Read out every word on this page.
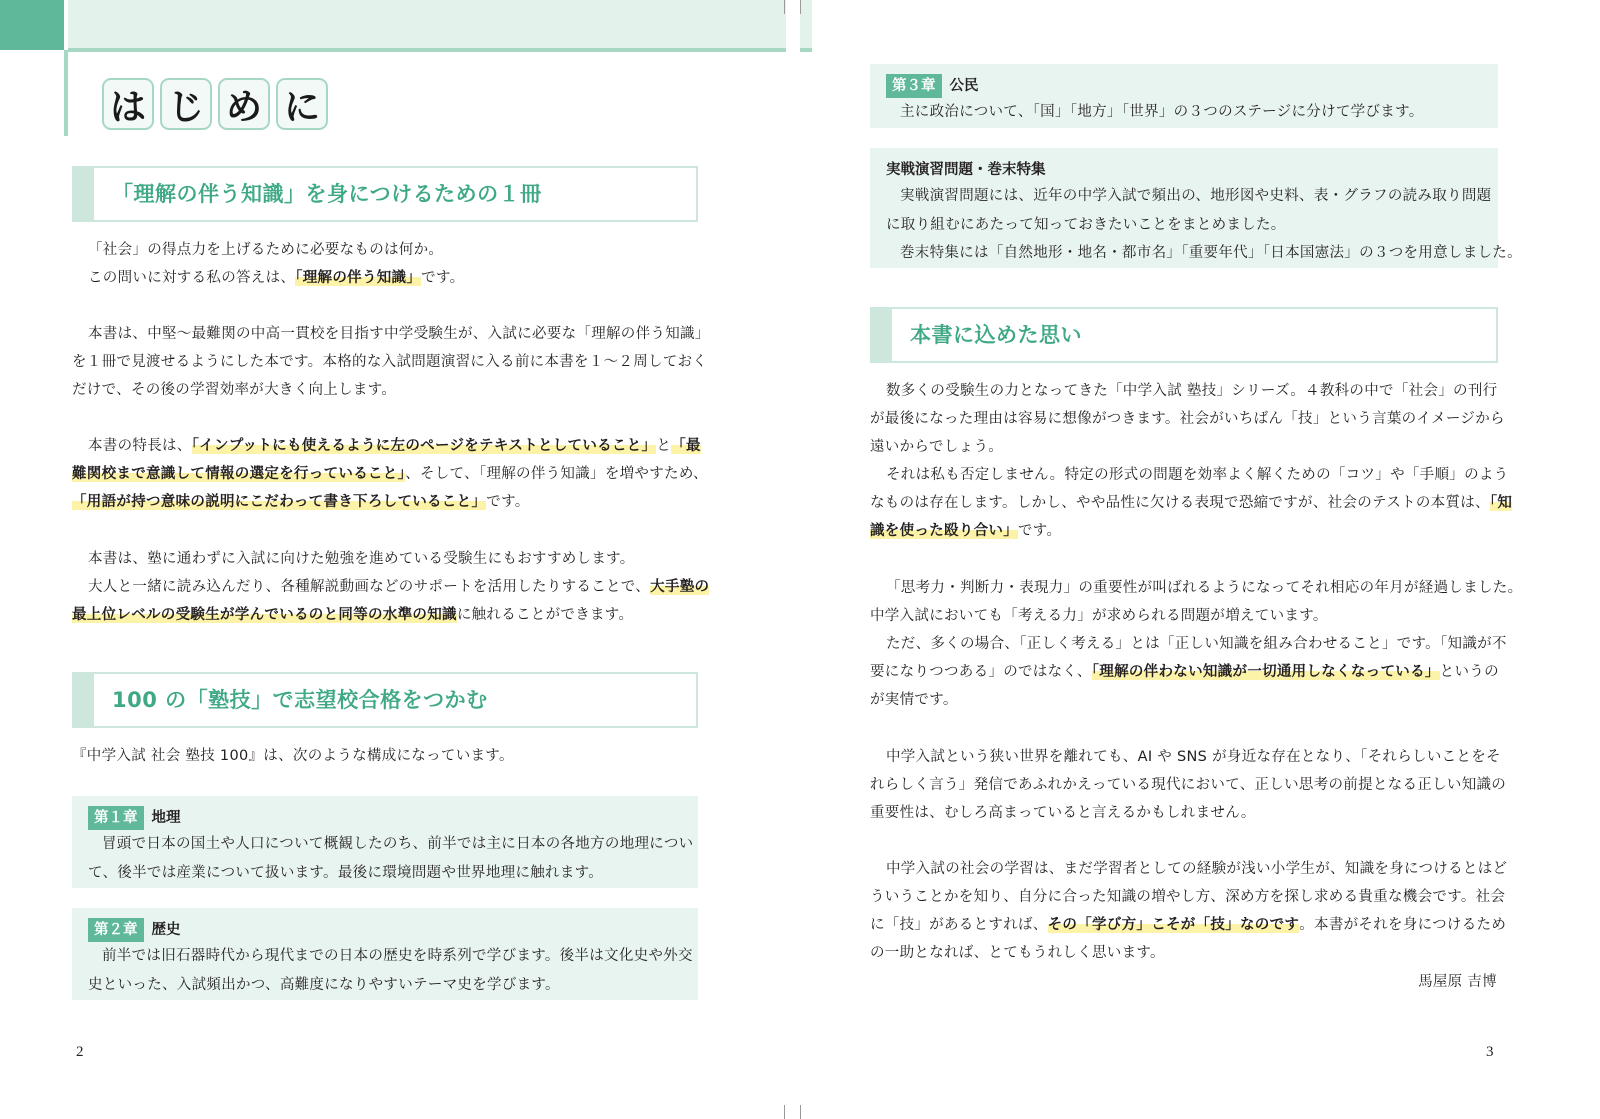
は じ め に
「理解の伴う知識」を身につけるための１冊
「社会」の得点力を上げるために必要なものは何か。
この問いに対する私の答えは、「理解の伴う知識」です。
本書は、中堅～最難関の中高一貫校を目指す中学受験生が、入試に必要な「理解の伴う知識」
を１冊で見渡せるようにした本です。本格的な入試問題演習に入る前に本書を１～２周しておく
だけで、その後の学習効率が大きく向上します。
本書の特長は、「インプットにも使えるように左のページをテキストとしていること」と「最
難関校まで意識して情報の選定を行っていること」、そして、「理解の伴う知識」を増やすため、
「用語が持つ意味の説明にこだわって書き下ろしていること」です。
本書は、塾に通わずに入試に向けた勉強を進めている受験生にもおすすめします。
大人と一緒に読み込んだり、各種解説動画などのサポートを活用したりすることで、大手塾の
最上位レベルの受験生が学んでいるのと同等の水準の知識に触れることができます。
100 の「塾技」で志望校合格をつかむ
『中学入試 社会 塾技 100』は、次のような構成になっています。
第１章 地理
冒頭で日本の国土や人口について概観したのち、前半では主に日本の各地方の地理につい
て、後半では産業について扱います。最後に環境問題や世界地理に触れます。
第２章 歴史
前半では旧石器時代から現代までの日本の歴史を時系列で学びます。後半は文化史や外交
史といった、入試頻出かつ、高難度になりやすいテーマ史を学びます。
2
第３章 公民
主に政治について、「国」「地方」「世界」の３つのステージに分けて学びます。
実戦演習問題・巻末特集
実戦演習問題には、近年の中学入試で頻出の、地形図や史料、表・グラフの読み取り問題
に取り組むにあたって知っておきたいことをまとめました。
巻末特集には「自然地形・地名・都市名」「重要年代」「日本国憲法」の３つを用意しました。
本書に込めた思い
数多くの受験生の力となってきた「中学入試 塾技」シリーズ。４教科の中で「社会」の刊行
が最後になった理由は容易に想像がつきます。社会がいちばん「技」という言葉のイメージから
遠いからでしょう。
それは私も否定しません。特定の形式の問題を効率よく解くための「コツ」や「手順」のよう
なものは存在します。しかし、やや品性に欠ける表現で恐縮ですが、社会のテストの本質は、「知
識を使った殴り合い」です。
「思考力・判断力・表現力」の重要性が叫ばれるようになってそれ相応の年月が経過しました。
中学入試においても「考える力」が求められる問題が増えています。
ただ、多くの場合、「正しく考える」とは「正しい知識を組み合わせること」です。「知識が不
要になりつつある」のではなく、「理解の伴わない知識が一切通用しなくなっている」というの
が実情です。
中学入試という狭い世界を離れても、AI や SNS が身近な存在となり、「それらしいことをそ
れらしく言う」発信であふれかえっている現代において、正しい思考の前提となる正しい知識の
重要性は、むしろ高まっていると言えるかもしれません。
中学入試の社会の学習は、まだ学習者としての経験が浅い小学生が、知識を身につけるとはど
ういうことかを知り、自分に合った知識の増やし方、深め方を探し求める貴重な機会です。社会
に「技」があるとすれば、その「学び方」こそが「技」なのです。本書がそれを身につけるため
の一助となれば、とてもうれしく思います。
馬屋原 吉博
3
